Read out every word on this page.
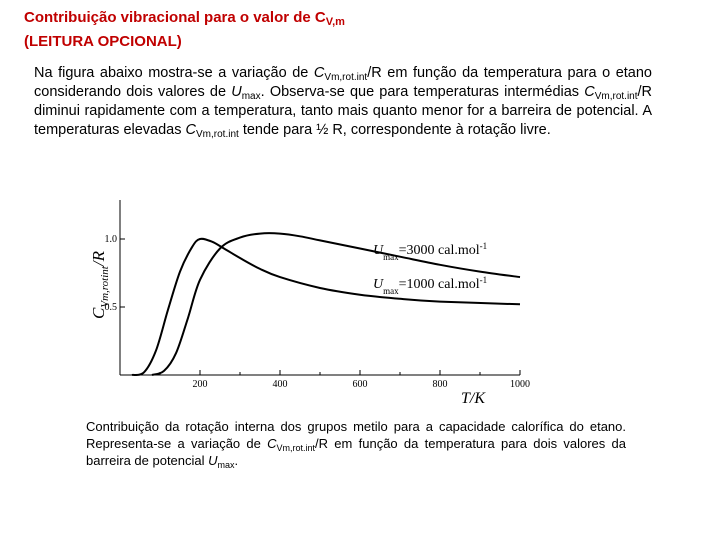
Contribuição vibracional para o valor de $C_{V,m}$
(LEITURA OPCIONAL)
Na figura abaixo mostra-se a variação de $C_{Vm,rot.int}/R$ em função da temperatura para o etano considerando dois valores de $U_{max}$. Observa-se que para temperaturas intermédias $C_{Vm,rot.int}/R$ diminui rapidamente com a temperatura, tanto mais quanto menor for a barreira de potencial. A temperaturas elevadas $C_{Vm,rot.int}$ tende para ½ R, correspondente à rotação livre.
$C_{Vm,rotint}/R$
T/K
$U_{max}=3000$ cal.mol$^{-1}$
$U_{max}=1000$ cal.mol$^{-1}$
200	400	600	800	1000
0.5
1.0
Contribuição da rotação interna dos grupos metilo para a capacidade calorífica do etano. Representa-se a variação de $C_{Vm,rot.int}/R$ em função da temperatura para dois valores da barreira de potencial $U_{max}$.
